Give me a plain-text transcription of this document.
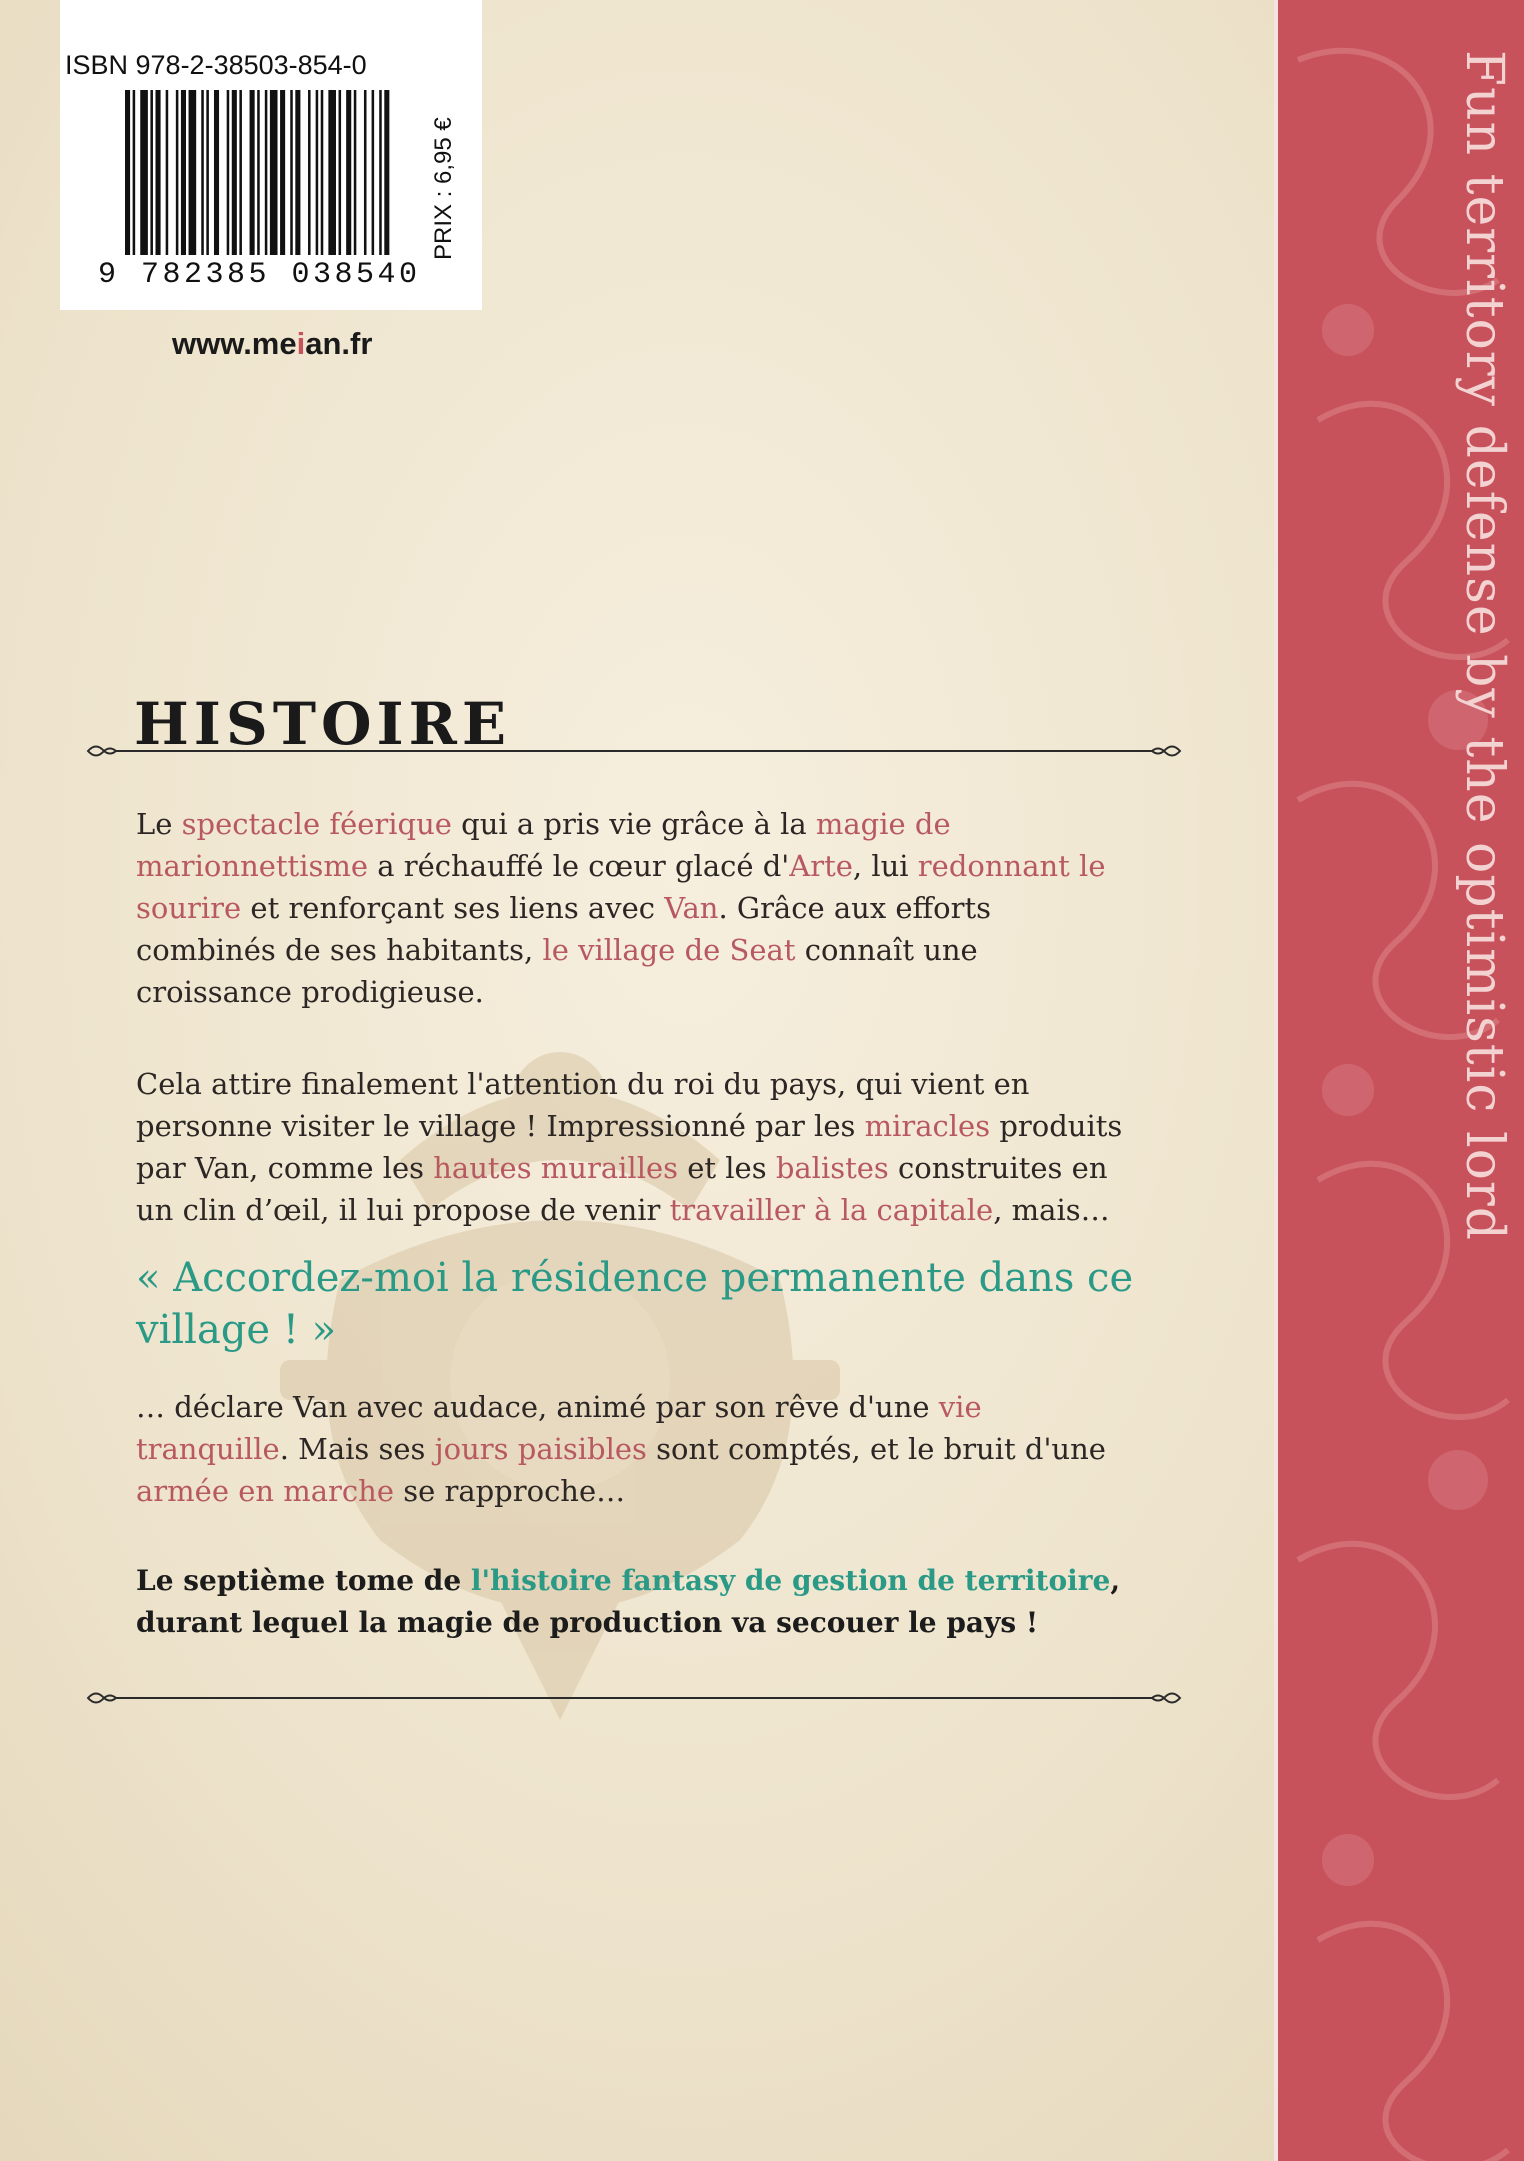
Fun territory defense by the optimistic lord
ISBN 978-2-38503-854-0
PRIX : 6,95 €
9 782385 038540
www.meian.fr
HISTOIRE

Le spectacle féerique qui a pris vie grâce à la magie de marionnettisme a réchauffé le cœur glacé d'Arte, lui redonnant le sourire et renforçant ses liens avec Van. Grâce aux efforts combinés de ses habitants, le village de Seat connaît une croissance prodigieuse.

Cela attire finalement l'attention du roi du pays, qui vient en personne visiter le village ! Impressionné par les miracles produits par Van, comme les hautes murailles et les balistes construites en un clin d’œil, il lui propose de venir travailler à la capitale, mais…

« Accordez-moi la résidence permanente dans ce village ! »

… déclare Van avec audace, animé par son rêve d'une vie tranquille. Mais ses jours paisibles sont comptés, et le bruit d'une armée en marche se rapproche…

Le septième tome de l'histoire fantasy de gestion de territoire, durant lequel la magie de production va secouer le pays !
